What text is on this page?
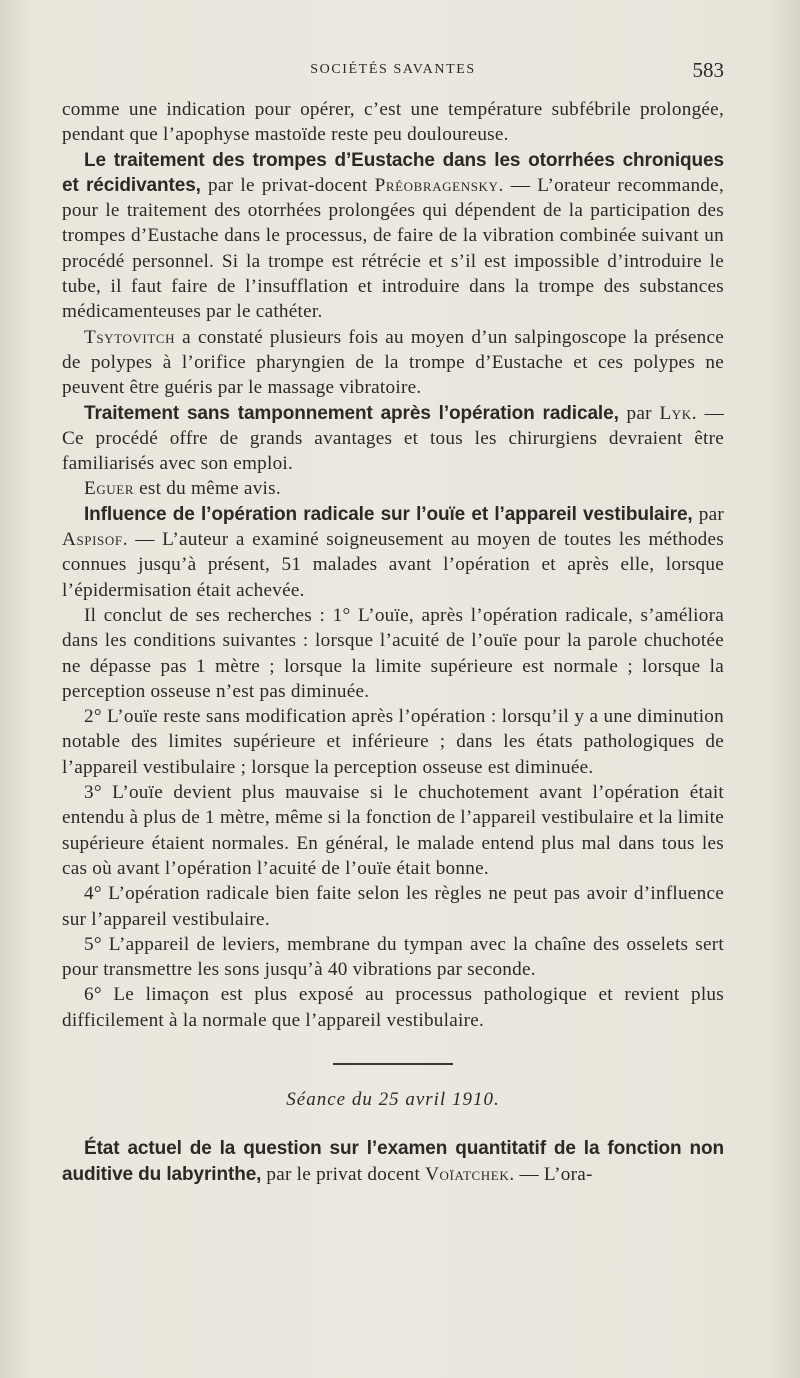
SOCIÉTÉS SAVANTES	583

comme une indication pour opérer, c’est une température subfébrile prolongée, pendant que l’apophyse mastoïde reste peu douloureuse.

Le traitement des trompes d’Eustache dans les otorrhées chroniques et récidivantes, par le privat-docent Préobragensky. — L’orateur recommande, pour le traitement des otorrhées prolongées qui dépendent de la participation des trompes d’Eustache dans le processus, de faire de la vibration combinée suivant un procédé personnel. Si la trompe est rétrécie et s’il est impossible d’introduire le tube, il faut faire de l’insufflation et introduire dans la trompe des substances médicamenteuses par le cathéter.

Tsytovitch a constaté plusieurs fois au moyen d’un salpingoscope la présence de polypes à l’orifice pharyngien de la trompe d’Eustache et ces polypes ne peuvent être guéris par le massage vibratoire.

Traitement sans tamponnement après l’opération radicale, par Lyk. — Ce procédé offre de grands avantages et tous les chirurgiens devraient être familiarisés avec son emploi.

Eguer est du même avis.

Influence de l’opération radicale sur l’ouïe et l’appareil vestibulaire, par Aspisof. — L’auteur a examiné soigneusement au moyen de toutes les méthodes connues jusqu’à présent, 51 malades avant l’opération et après elle, lorsque l’épidermisation était achevée.

Il conclut de ses recherches : 1° L’ouïe, après l’opération radicale, s’améliora dans les conditions suivantes : lorsque l’acuité de l’ouïe pour la parole chuchotée ne dépasse pas 1 mètre ; lorsque la limite supérieure est normale ; lorsque la perception osseuse n’est pas diminuée.

2° L’ouïe reste sans modification après l’opération : lorsqu’il y a une diminution notable des limites supérieure et inférieure ; dans les états pathologiques de l’appareil vestibulaire ; lorsque la perception osseuse est diminuée.

3° L’ouïe devient plus mauvaise si le chuchotement avant l’opération était entendu à plus de 1 mètre, même si la fonction de l’appareil vestibulaire et la limite supérieure étaient normales. En général, le malade entend plus mal dans tous les cas où avant l’opération l’acuité de l’ouïe était bonne.

4° L’opération radicale bien faite selon les règles ne peut pas avoir d’influence sur l’appareil vestibulaire.

5° L’appareil de leviers, membrane du tympan avec la chaîne des osselets sert pour transmettre les sons jusqu’à 40 vibrations par seconde.

6° Le limaçon est plus exposé au processus pathologique et revient plus difficilement à la normale que l’appareil vestibulaire.

Séance du 25 avril 1910.

État actuel de la question sur l’examen quantitatif de la fonction non auditive du labyrinthe, par le privat docent Voïatchek. — L’ora-
